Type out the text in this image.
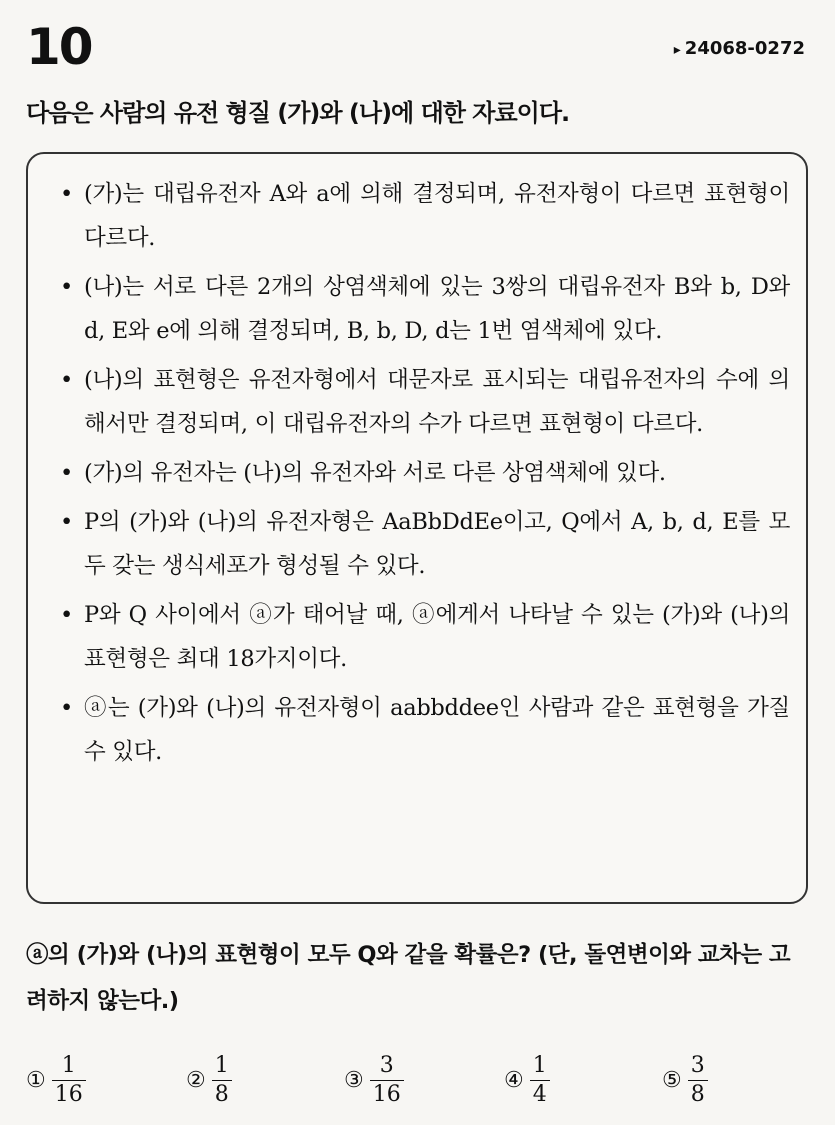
10	▸ 24068-0272
다음은 사람의 유전 형질 (가)와 (나)에 대한 자료이다.
• (가)는 대립유전자 A와 a에 의해 결정되며, 유전자형이 다르면 표현형이 다르다.
• (나)는 서로 다른 2개의 상염색체에 있는 3쌍의 대립유전자 B와 b, D와 d, E와 e에 의해 결정되며, B, b, D, d는 1번 염색체에 있다.
• (나)의 표현형은 유전자형에서 대문자로 표시되는 대립유전자의 수에 의해서만 결정되며, 이 대립유전자의 수가 다르면 표현형이 다르다.
• (가)의 유전자는 (나)의 유전자와 서로 다른 상염색체에 있다.
• P의 (가)와 (나)의 유전자형은 AaBbDdEe이고, Q에서 A, b, d, E를 모두 갖는 생식세포가 형성될 수 있다.
• P와 Q 사이에서 ⓐ가 태어날 때, ⓐ에게서 나타날 수 있는 (가)와 (나)의 표현형은 최대 18가지이다.
• ⓐ는 (가)와 (나)의 유전자형이 aabbddee인 사람과 같은 표현형을 가질 수 있다.
ⓐ의 (가)와 (나)의 표현형이 모두 Q와 같을 확률은? (단, 돌연변이와 교차는 고려하지 않는다.)
① $\frac{1}{16}$	② $\frac{1}{8}$	③ $\frac{3}{16}$	④ $\frac{1}{4}$	⑤ $\frac{3}{8}$
